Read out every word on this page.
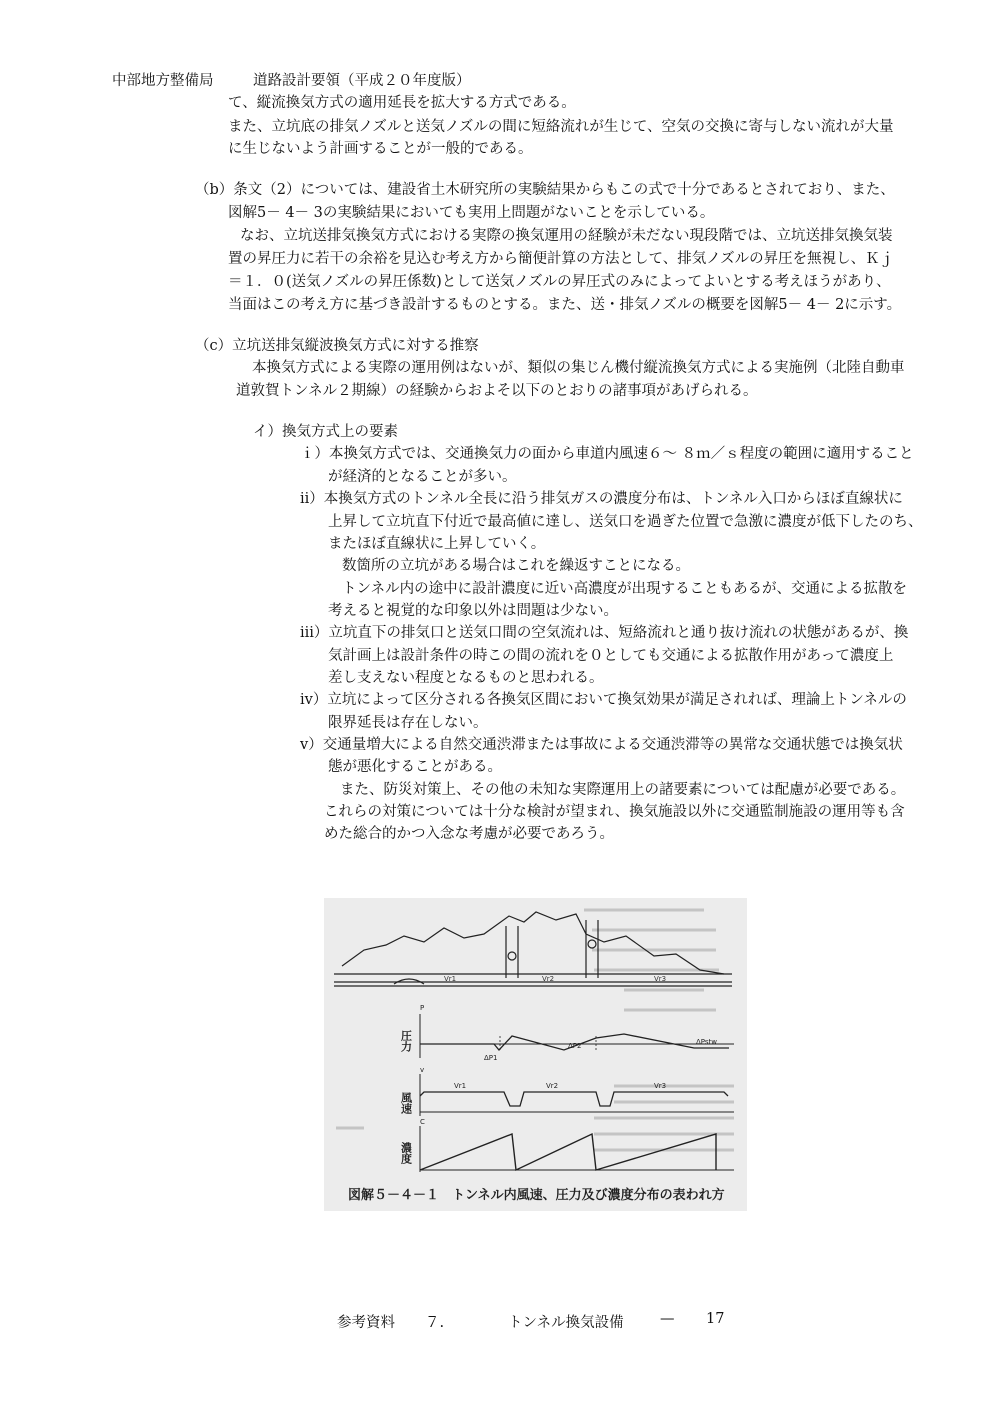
中部地方整備局	道路設計要領（平成２０年度版）
て、縦流換気方式の適用延長を拡大する方式である。
また、立坑底の排気ノズルと送気ノズルの間に短絡流れが生じて、空気の交換に寄与しない流れが大量
に生じないよう計画することが一般的である。
（b）条文（2）については、建設省土木研究所の実験結果からもこの式で十分であるとされており、また、
図解5－ 4－ 3の実験結果においても実用上問題がないことを示している。
なお、立坑送排気換気方式における実際の換気運用の経験が未だない現段階では、立坑送排気換気装
置の昇圧力に若干の余裕を見込む考え方から簡便計算の方法として、排気ノズルの昇圧を無視し、Ｋｊ
＝１．０(送気ノズルの昇圧係数)として送気ノズルの昇圧式のみによってよいとする考えほうがあり、
当面はこの考え方に基づき設計するものとする。また、送・排気ノズルの概要を図解5－ 4－ 2に示す。
（c）立坑送排気縦波換気方式に対する推察
本換気方式による実際の運用例はないが、類似の集じん機付縦流換気方式による実施例（北陸自動車
道敦賀トンネル２期線）の経験からおよそ以下のとおりの諸事項があげられる。
イ）換気方式上の要素
ｉ）本換気方式では、交通換気力の面から車道内風速６～ ８ｍ／ｓ程度の範囲に適用すること
が経済的となることが多い。
ⅱ）本換気方式のトンネル全長に沿う排気ガスの濃度分布は、トンネル入口からほぼ直線状に
上昇して立坑直下付近で最高値に達し、送気口を過ぎた位置で急激に濃度が低下したのち、
またほぼ直線状に上昇していく。
数箇所の立坑がある場合はこれを繰返すことになる。
トンネル内の途中に設計濃度に近い高濃度が出現することもあるが、交通による拡散を
考えると視覚的な印象以外は問題は少ない。
ⅲ）立坑直下の排気口と送気口間の空気流れは、短絡流れと通り抜け流れの状態があるが、換
気計画上は設計条件の時この間の流れを０としても交通による拡散作用があって濃度上
差し支えない程度となるものと思われる。
ⅳ）立坑によって区分される各換気区間において換気効果が満足されれば、理論上トンネルの
限界延長は存在しない。
ⅴ）交通量増大による自然交通渋滞または事故による交通渋滞等の異常な交通状態では換気状
態が悪化することがある。
また、防災対策上、その他の未知な実際運用上の諸要素については配慮が必要である。
これらの対策については十分な検討が望まれ、換気施設以外に交通監制施設の運用等も含
めた総合的かつ入念な考慮が必要であろう。
Vr1	Vr2	Vr3
P
ΔP1
ΔP2	ΔPstw
圧力
v
Vr1	Vr2	Vr3
風速
C
濃度
図解５－４－１　トンネル内風速、圧力及び濃度分布の表われ方
参考資料 ７.	トンネル換気設備	— 17
